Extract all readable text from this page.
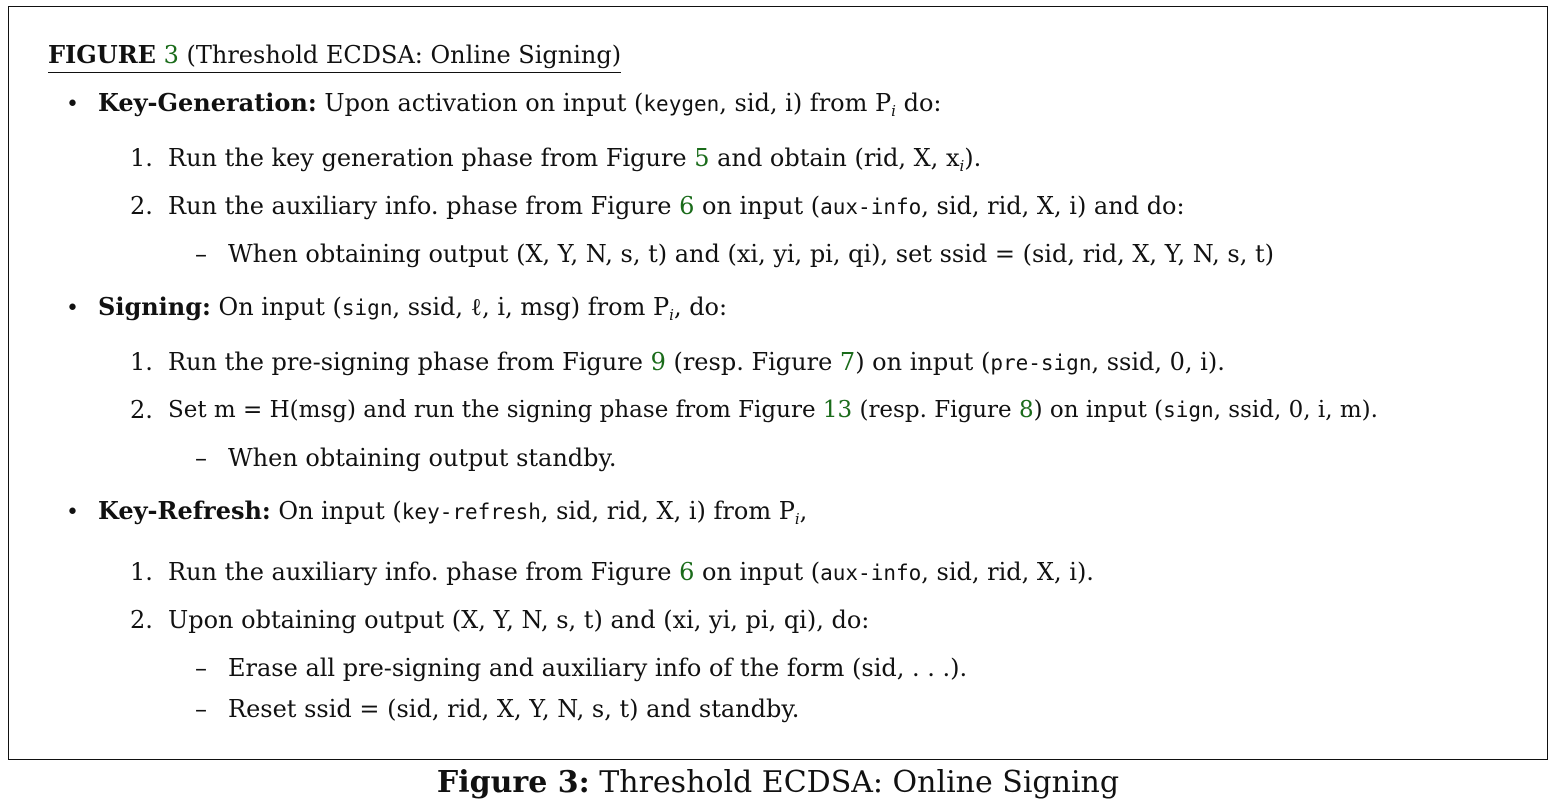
FIGURE 3 (Threshold ECDSA: Online Signing)
• Key-Generation: Upon activation on input (keygen, sid, i) from $P_i$ do:
1. Run the key generation phase from Figure 5 and obtain (rid, X, $x_i$).
2. Run the auxiliary info. phase from Figure 6 on input (aux-info, sid, rid, X, i) and do:
– When obtaining output (X, Y, N, s, t) and (xi, yi, pi, qi), set ssid = (sid, rid, X, Y, N, s, t)
• Signing: On input (sign, ssid, ℓ, i, msg) from $P_i$, do:
1. Run the pre-signing phase from Figure 9 (resp. Figure 7) on input (pre-sign, ssid, 0, i).
2. Set m = H(msg) and run the signing phase from Figure 13 (resp. Figure 8) on input (sign, ssid, 0, i, m).
– When obtaining output standby.
• Key-Refresh: On input (key-refresh, sid, rid, X, i) from $P_i$,
1. Run the auxiliary info. phase from Figure 6 on input (aux-info, sid, rid, X, i).
2. Upon obtaining output (X, Y, N, s, t) and (xi, yi, pi, qi), do:
– Erase all pre-signing and auxiliary info of the form (sid, . . .).
– Reset ssid = (sid, rid, X, Y, N, s, t) and standby.
Figure 3: Threshold ECDSA: Online Signing
